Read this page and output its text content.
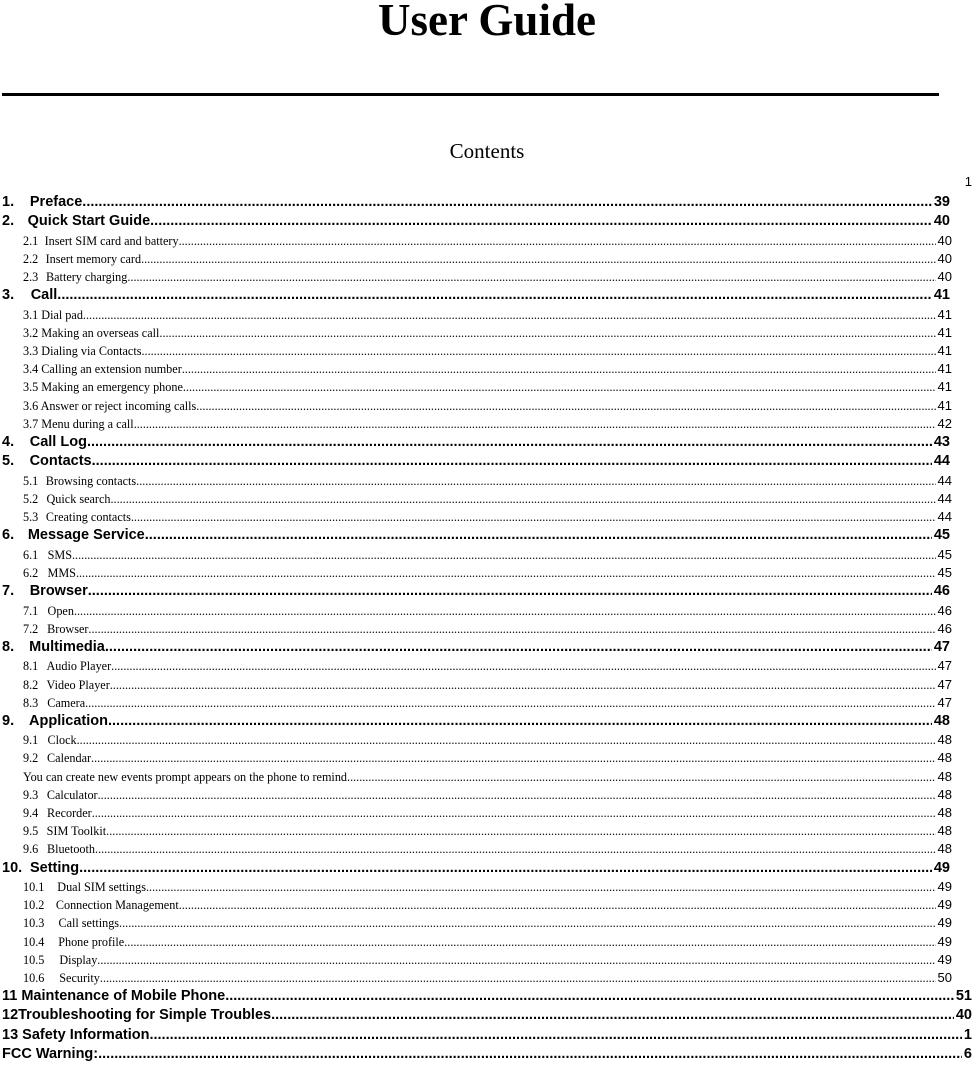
User Guide
Contents
1
1.	Preface .....	39
2. Quick Start Guide .....	40
2.1 Insert SIM card and battery .....	40
2.2 Insert memory card .....	40
2.3 Battery charging .....	40
3.	Call .....	41
3.1 Dial pad .....	41
3.2 Making an overseas call. .....	41
3.3 Dialing via Contacts .....	41
3.4 Calling an extension number .....	41
3.5 Making an emergency phone .....	41
3.6 Answer or reject incoming calls .....	41
3.7 Menu during a call .....	42
4.	Call Log .....	43
5.	Contacts .....	44
5.1 Browsing contacts .....	44
5.2 Quick search .....	44
5.3 Creating contacts .....	44
6. Message Service .....	45
6.1 SMS .....	45
6.2 MMS .....	45
7.	Browser .....	46
7.1 Open .....	46
7.2 Browser .....	46
8.	Multimedia .....	47
8.1 Audio Player .....	47
8.2 Video Player .....	47
8.3 Camera .....	47
9.	Application .....	48
9.1 Clock .....	48
9.2 Calendar .....	48
You can create new events prompt appears on the phone to remind. .....	48
9.3 Calculator .....	48
9.4 Recorder .....	48
9.5 SIM Toolkit .....	48
9.6 Bluetooth .....	48
10. Setting .....	49
10.1	Dual SIM settings .....	49
10.2 Connection Management .....	49
10.3	Call settings .....	49
10.4	Phone profile .....	49
10.5	Display .....	49
10.6	Security .....	50
11 Maintenance of Mobile Phone .....	51
12Troubleshooting for Simple Troubles .....	40
13 Safety Information .....	1
FCC Warning: .....	6
